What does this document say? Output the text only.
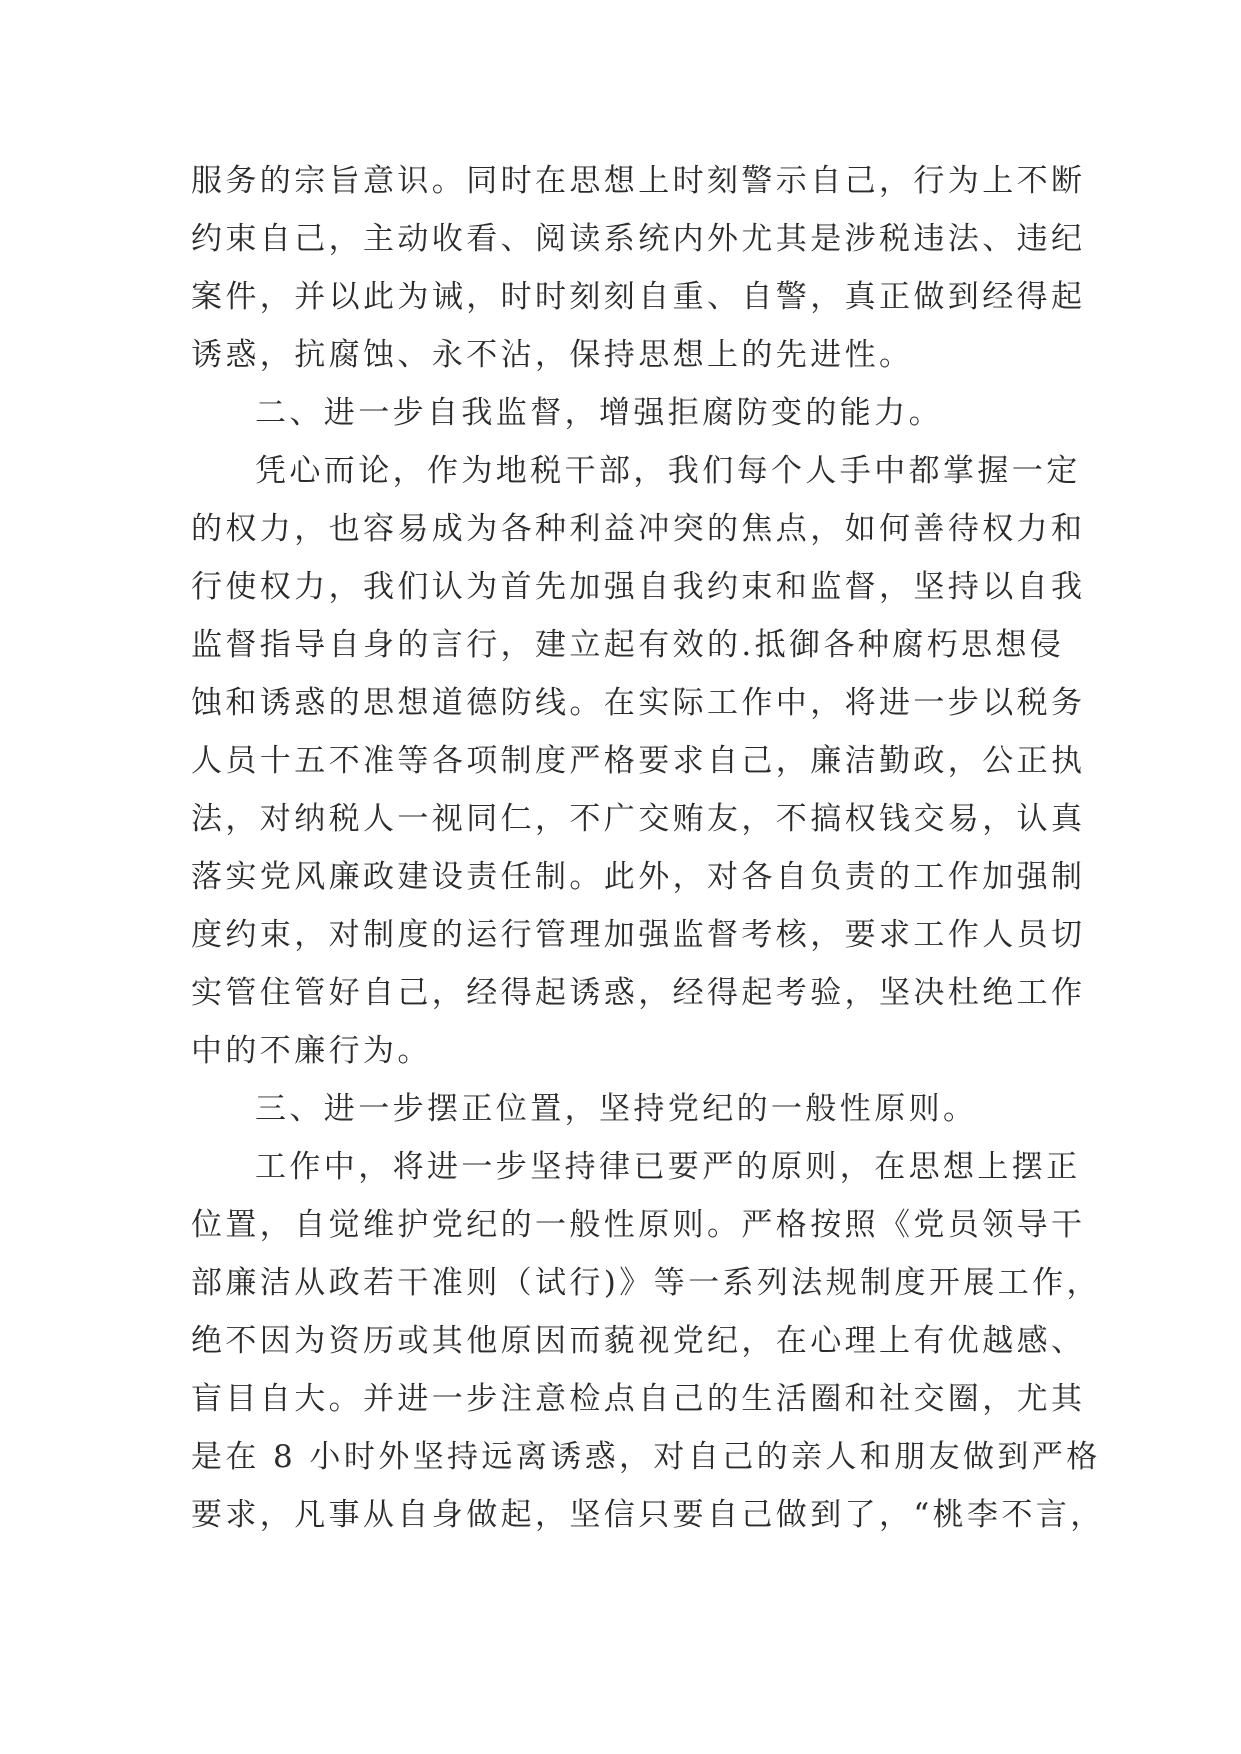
服务的宗旨意识。同时在思想上时刻警示自己，行为上不断
约束自己，主动收看、阅读系统内外尤其是涉税违法、违纪
案件，并以此为诫，时时刻刻自重、自警，真正做到经得起
诱惑，抗腐蚀、永不沾，保持思想上的先进性。
二、进一步自我监督，增强拒腐防变的能力。
凭心而论，作为地税干部，我们每个人手中都掌握一定
的权力，也容易成为各种利益冲突的焦点，如何善待权力和
行使权力，我们认为首先加强自我约束和监督，坚持以自我
监督指导自身的言行，建立起有效的.抵御各种腐朽思想侵
蚀和诱惑的思想道德防线。在实际工作中，将进一步以税务
人员十五不准等各项制度严格要求自己，廉洁勤政，公正执
法，对纳税人一视同仁，不广交贿友，不搞权钱交易，认真
落实党风廉政建设责任制。此外，对各自负责的工作加强制
度约束，对制度的运行管理加强监督考核，要求工作人员切
实管住管好自己，经得起诱惑，经得起考验，坚决杜绝工作
中的不廉行为。
三、进一步摆正位置，坚持党纪的一般性原则。
工作中，将进一步坚持律已要严的原则，在思想上摆正
位置，自觉维护党纪的一般性原则。严格按照《党员领导干
部廉洁从政若干准则（试行)》等一系列法规制度开展工作，
绝不因为资历或其他原因而藐视党纪，在心理上有优越感、
盲目自大。并进一步注意检点自己的生活圈和社交圈，尤其
是在 8 小时外坚持远离诱惑，对自己的亲人和朋友做到严格
要求，凡事从自身做起，坚信只要自己做到了，“桃李不言，
